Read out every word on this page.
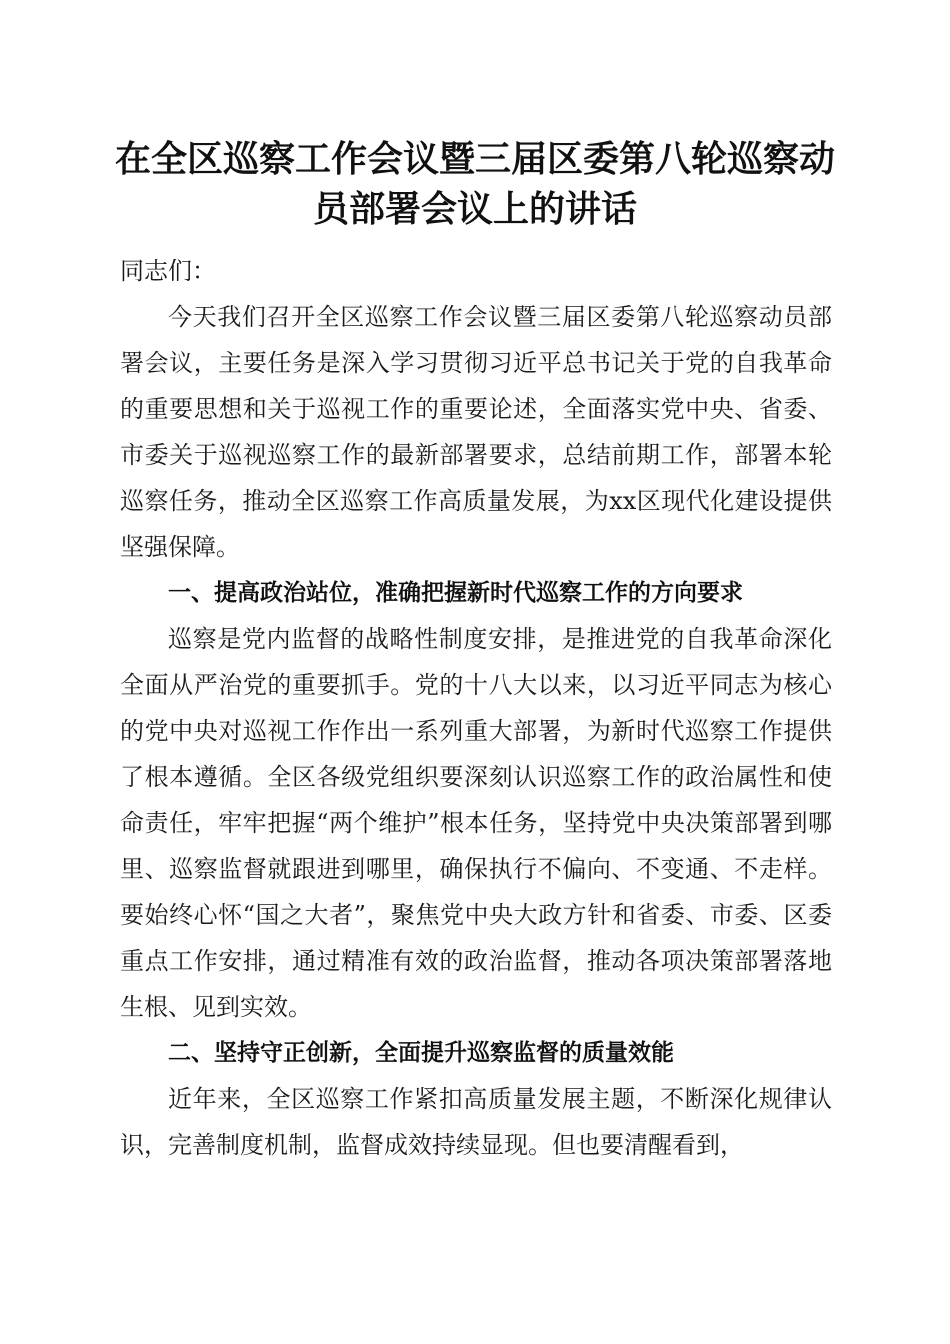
在全区巡察工作会议暨三届区委第八轮巡察动
员部署会议上的讲话

同志们：

今天我们召开全区巡察工作会议暨三届区委第八轮巡察动员部署会议，主要任务是深入学习贯彻习近平总书记关于党的自我革命的重要思想和关于巡视工作的重要论述，全面落实党中央、省委、市委关于巡视巡察工作的最新部署要求，总结前期工作，部署本轮巡察任务，推动全区巡察工作高质量发展，为xx区现代化建设提供坚强保障。

一、提高政治站位，准确把握新时代巡察工作的方向要求

巡察是党内监督的战略性制度安排，是推进党的自我革命深化全面从严治党的重要抓手。党的十八大以来，以习近平同志为核心的党中央对巡视工作作出一系列重大部署，为新时代巡察工作提供了根本遵循。全区各级党组织要深刻认识巡察工作的政治属性和使命责任，牢牢把握“两个维护”根本任务，坚持党中央决策部署到哪里、巡察监督就跟进到哪里，确保执行不偏向、不变通、不走样。要始终心怀“国之大者”，聚焦党中央大政方针和省委、市委、区委重点工作安排，通过精准有效的政治监督，推动各项决策部署落地生根、见到实效。

二、坚持守正创新，全面提升巡察监督的质量效能

近年来，全区巡察工作紧扣高质量发展主题，不断深化规律认识，完善制度机制，监督成效持续显现。但也要清醒看到，
